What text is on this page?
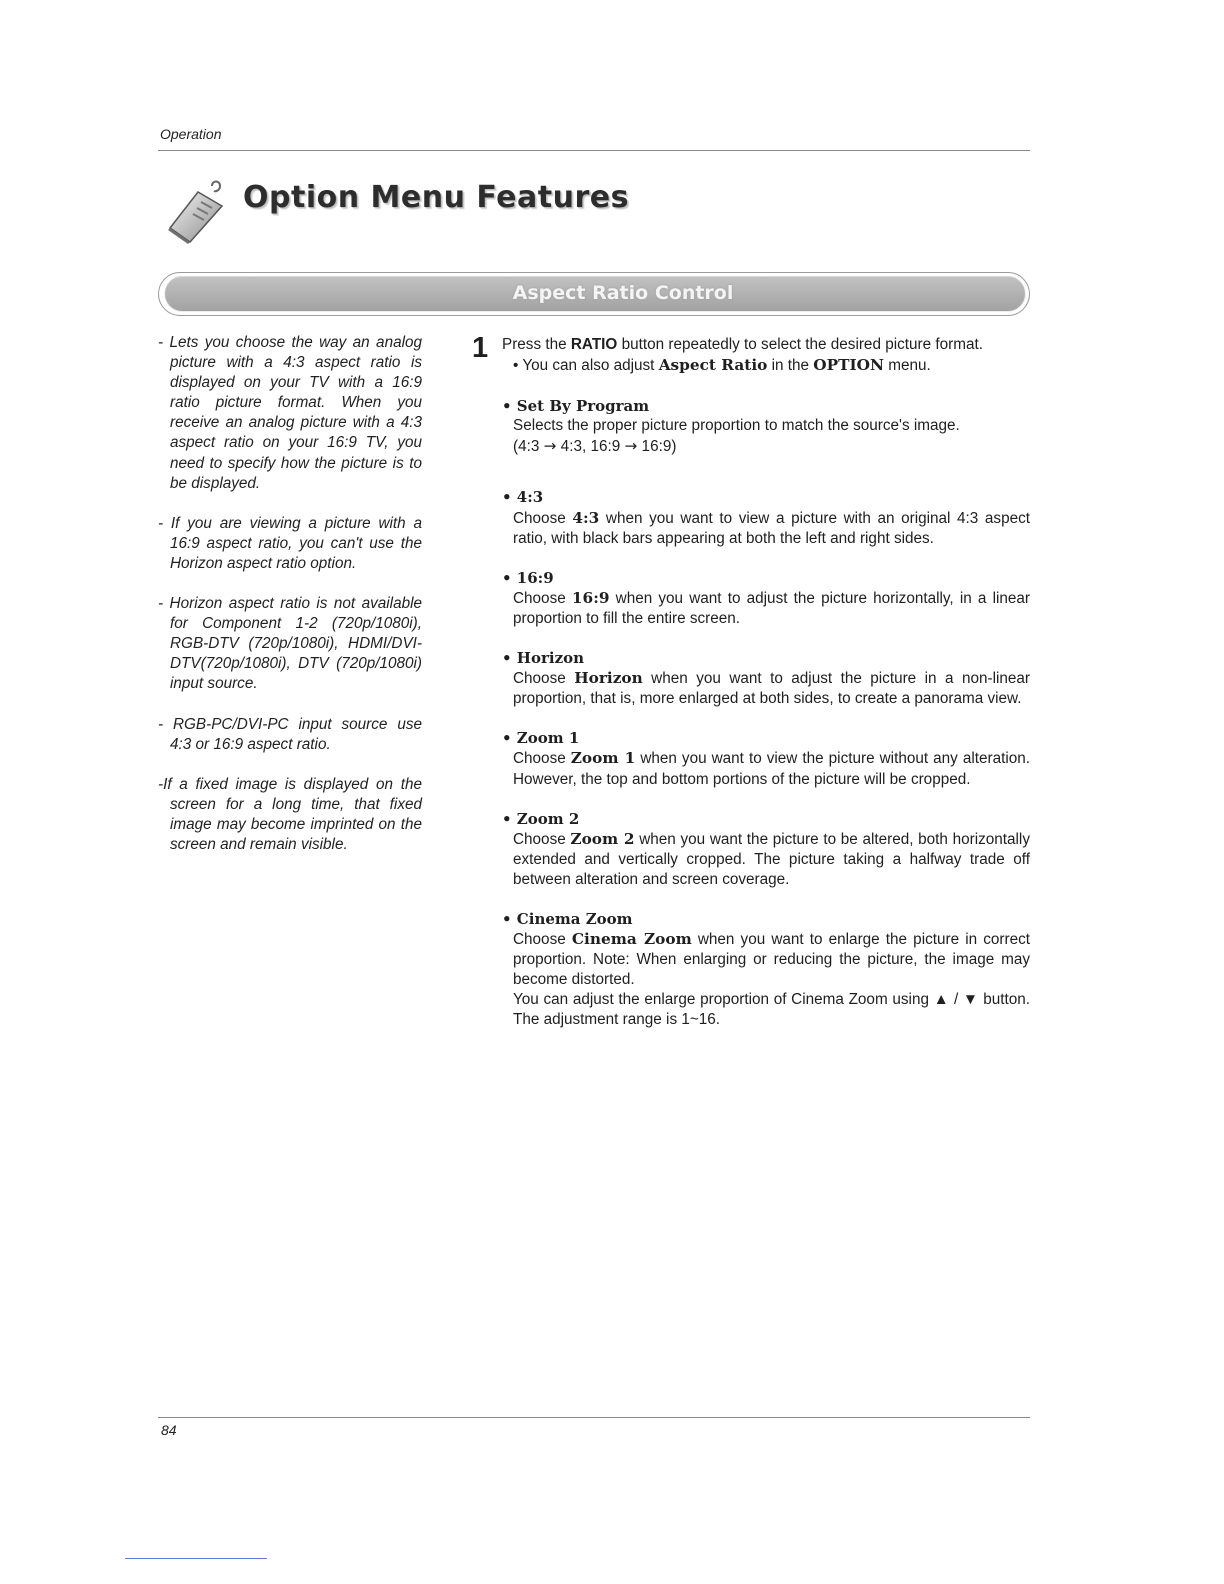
Operation
Option Menu Features
Aspect Ratio Control

- Lets you choose the way an analog picture with a 4:3 aspect ratio is displayed on your TV with a 16:9 ratio picture format. When you receive an analog picture with a 4:3 aspect ratio on your 16:9 TV, you need to specify how the picture is to be displayed.

- If you are viewing a picture with a 16:9 aspect ratio, you can't use the Horizon aspect ratio option.

- Horizon aspect ratio is not available for Component 1-2 (720p/1080i), RGB-DTV (720p/1080i), HDMI/DVI-DTV(720p/1080i), DTV (720p/1080i) input source.

- RGB-PC/DVI-PC input source use 4:3 or 16:9 aspect ratio.

-If a fixed image is displayed on the screen for a long time, that fixed image may become imprinted on the screen and remain visible.

1 Press the RATIO button repeatedly to select the desired picture format.

• You can also adjust Aspect Ratio in the OPTION menu.

• Set By Program
Selects the proper picture proportion to match the source's image.
(4:3 → 4:3, 16:9 → 16:9)
• 4:3
Choose 4:3 when you want to view a picture with an original 4:3 aspect ratio, with black bars appearing at both the left and right sides.
• 16:9
Choose 16:9 when you want to adjust the picture horizontally, in a linear proportion to fill the entire screen.
• Horizon
Choose Horizon when you want to adjust the picture in a non-linear proportion, that is, more enlarged at both sides, to create a panorama view.
• Zoom 1
Choose Zoom 1 when you want to view the picture without any alteration. However, the top and bottom portions of the picture will be cropped.
• Zoom 2
Choose Zoom 2 when you want the picture to be altered, both horizontally extended and vertically cropped. The picture taking a halfway trade off between alteration and screen coverage.
• Cinema Zoom
Choose Cinema Zoom when you want to enlarge the picture in correct proportion. Note: When enlarging or reducing the picture, the image may become distorted.
You can adjust the enlarge proportion of Cinema Zoom using ▲ / ▼ button. The adjustment range is 1~16.
84
